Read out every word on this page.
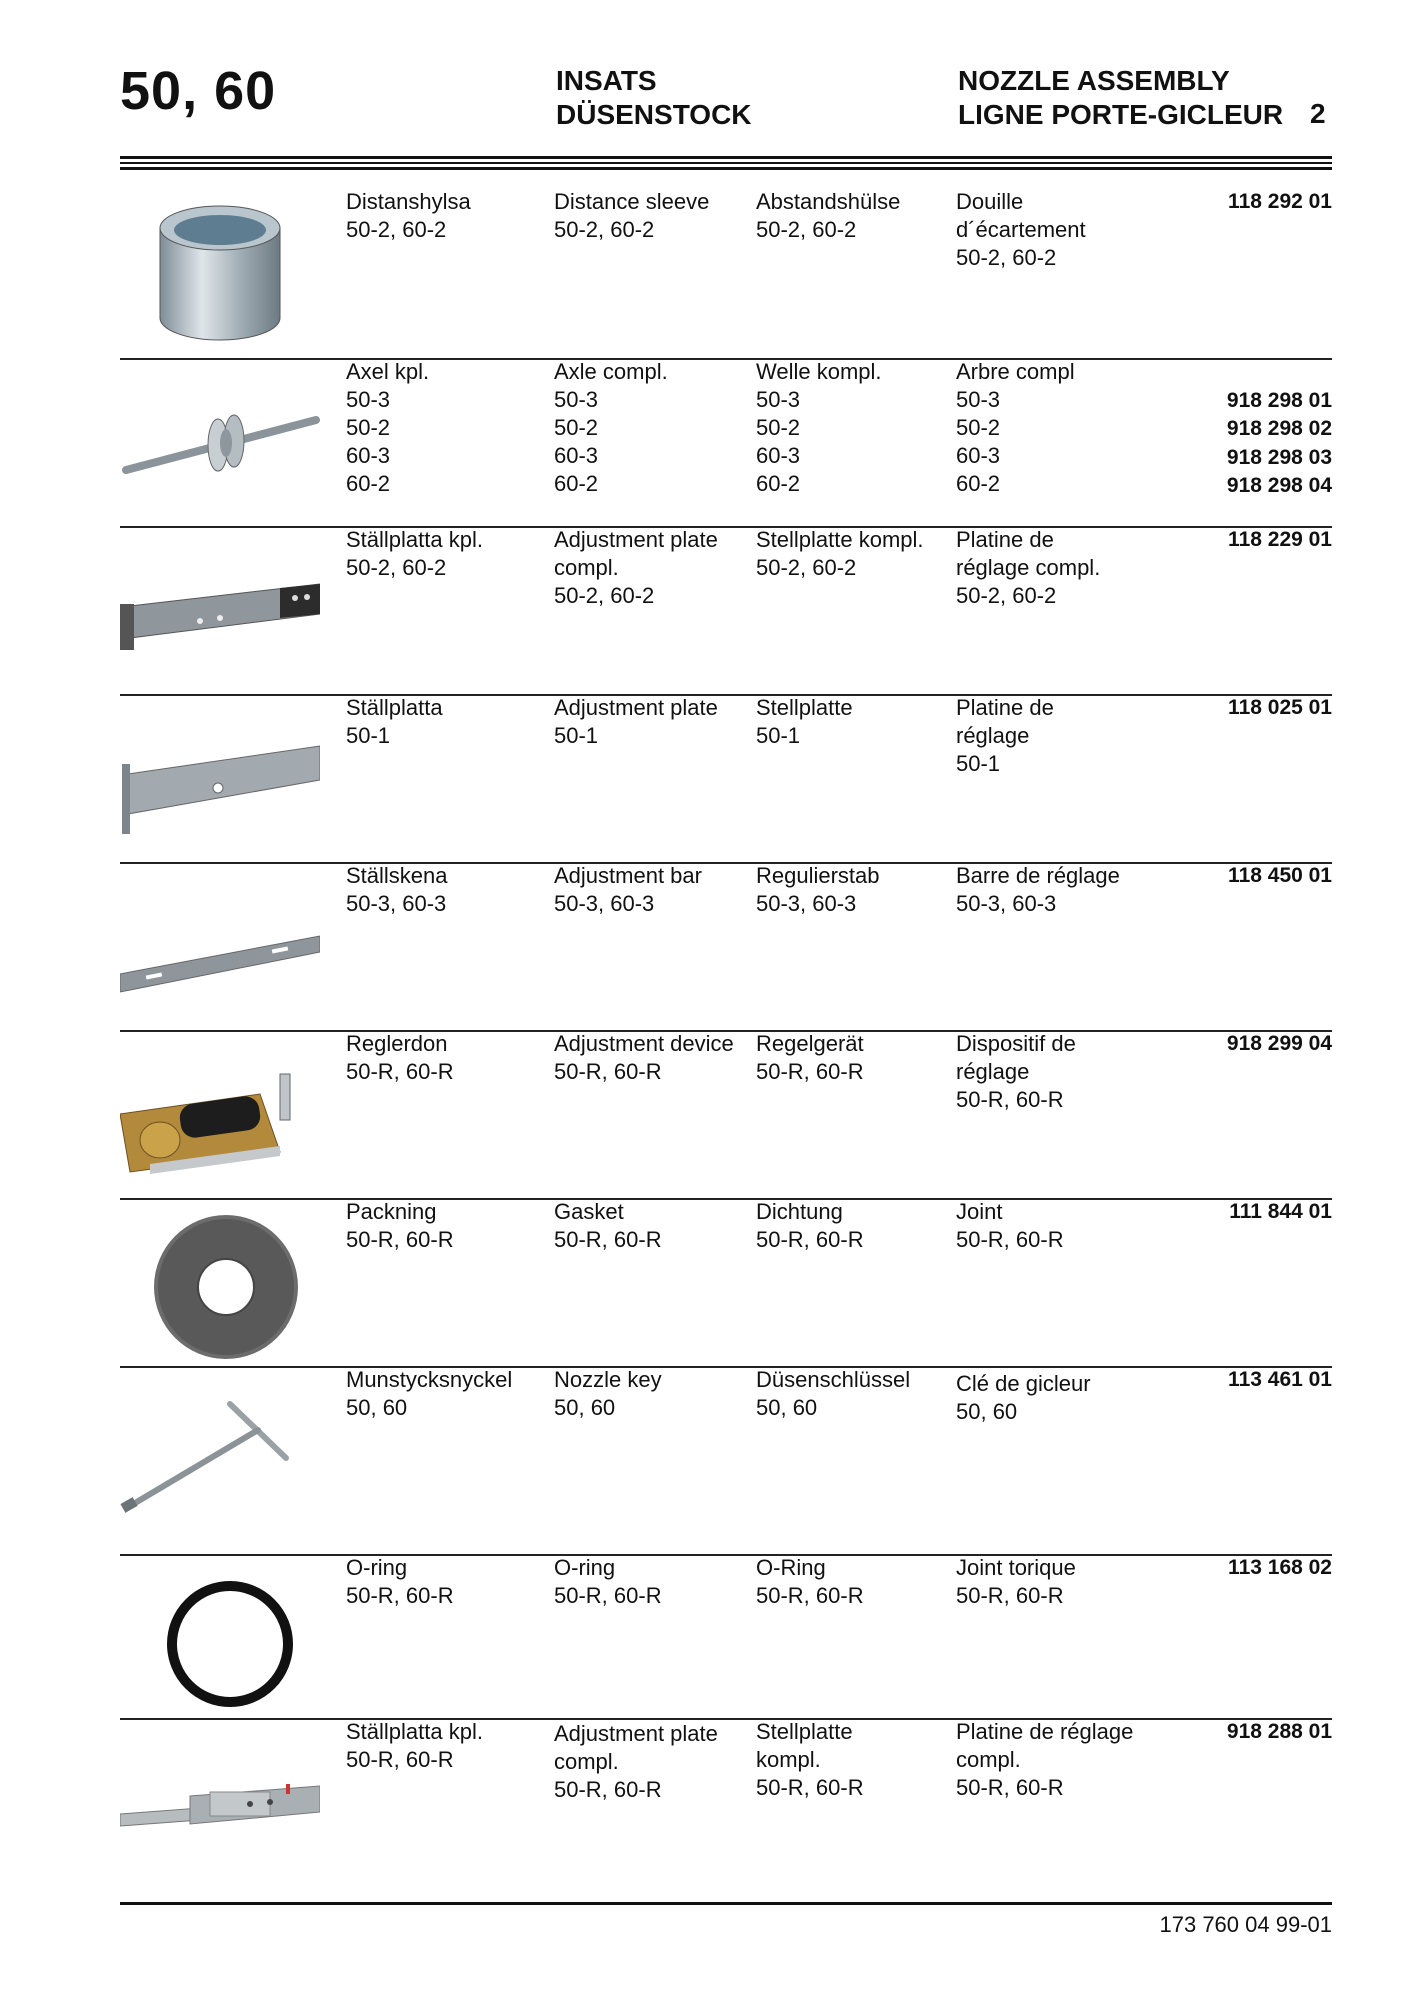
50, 60	INSATS
DÜSENSTOCK
NOZZLE ASSEMBLY
LIGNE PORTE-GICLEUR 2
Distanshylsa
50-2, 60-2
Distance sleeve
50-2, 60-2
Abstandshülse
50-2, 60-2
Douille
d´écartement
50-2, 60-2
118 292 01
Axel kpl.
50-3
50-2
60-3
60-2
Axle compl.
50-3
50-2
60-3
60-2
Welle kompl.
50-3
50-2
60-3
60-2
Arbre compl
50-3
50-2
60-3
60-2

918 298 01
918 298 02
918 298 03
918 298 04
Ställplatta kpl.
50-2, 60-2
Adjustment plate
compl.
50-2, 60-2
Stellplatte kompl.
50-2, 60-2
Platine de
réglage compl.
50-2, 60-2
118 229 01
Ställplatta
50-1
Adjustment plate
50-1
Stellplatte
50-1
Platine de
réglage
50-1
118 025 01
Ställskena
50-3, 60-3
Adjustment bar
50-3, 60-3
Regulierstab
50-3, 60-3
Barre de réglage
50-3, 60-3
118 450 01
Reglerdon
50-R, 60-R
Adjustment device
50-R, 60-R
Regelgerät
50-R, 60-R
Dispositif de
réglage
50-R, 60-R
918 299 04
Packning
50-R, 60-R
Gasket
50-R, 60-R
Dichtung
50-R, 60-R
Joint
50-R, 60-R
111 844 01
Munstycksnyckel
50, 60
Nozzle key
50, 60
Düsenschlüssel
50, 60
Clé de gicleur
50, 60
113 461 01
O-ring
50-R, 60-R
O-ring
50-R, 60-R
O-Ring
50-R, 60-R
Joint torique
50-R, 60-R
113 168 02
Ställplatta kpl.
50-R, 60-R
Adjustment plate
compl.
50-R, 60-R
Stellplatte
kompl.
50-R, 60-R
Platine de réglage
compl.
50-R, 60-R
918 288 01
173 760 04 99-01
